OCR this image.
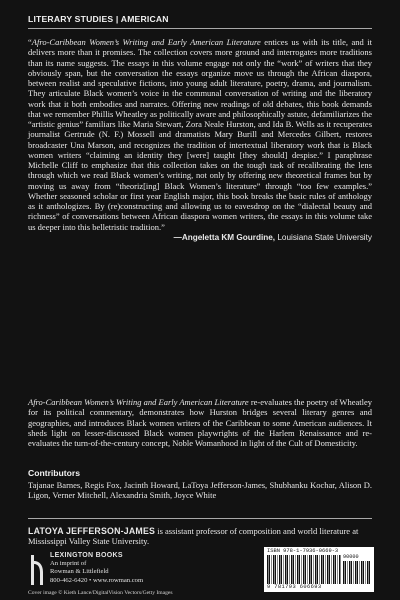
LITERARY STUDIES | AMERICAN
“Afro-Caribbean Women’s Writing and Early American Literature entices us with its title, and it delivers more than it promises. The collection covers more ground and interrogates more traditions than its name suggests. The essays in this volume engage not only the “work” of writers that they obviously span, but the conversation the essays organize move us through the African diaspora, between realist and speculative fictions, into young adult literature, poetry, drama, and journalism. They articulate Black women’s voice in the communal conversation of writing and the liberatory work that it both embodies and narrates. Offering new readings of old debates, this book demands that we remember Phillis Wheatley as politically aware and philosophically astute, defamiliarizes the “artistic genius” familiars like Maria Stewart, Zora Neale Hurston, and Ida B. Wells as it recuperates journalist Gertrude (N. F.) Mossell and dramatists Mary Burill and Mercedes Gilbert, restores broadcaster Una Marson, and recognizes the tradition of intertextual liberatory work that is Black women writers “claiming an identity they [were] taught [they should] despise.” I paraphrase Michelle Cliff to emphasize that this collection takes on the tough task of recalibrating the lens through which we read Black women’s writing, not only by offering new theoretical frames but by moving us away from “theoriz[ing] Black Women’s literature” through “too few examples.” Whether seasoned scholar or first year English major, this book breaks the basic rules of anthology as it anthologizes. By (re)constructing and allowing us to eavesdrop on the “dialectal beauty and richness” of conversations between African diaspora women writers, the essays in this volume take us deeper into this belletristic tradition.”
—Angeletta KM Gourdine, Louisiana State University
Afro-Caribbean Women’s Writing and Early American Literature re-evaluates the poetry of Wheatley for its political commentary, demonstrates how Hurston bridges several literary genres and geographies, and introduces Black women writers of the Caribbean to some American audiences. It sheds light on lesser-discussed Black women playwrights of the Harlem Renaissance and re-evaluates the turn-of-the-century concept, Noble Womanhood in light of the Cult of Domesticity.
Contributors
Tajanae Barnes, Regis Fox, Jacinth Howard, LaToya Jefferson-James, Shubhanku Kochar, Alison D. Ligon, Verner Mitchell, Alexandria Smith, Joyce White
LATOYA JEFFERSON-JAMES is assistant professor of composition and world literature at Mississippi Valley State University.
LEXINGTON BOOKS
An imprint of
Rowman & Littlefield
800-462-6420 • www.rowman.com
ISBN 978-1-7936-0669-3
90000
9 781793 606693
Cover image © Kieth Lance/DigitalVision Vectors/Getty Images
